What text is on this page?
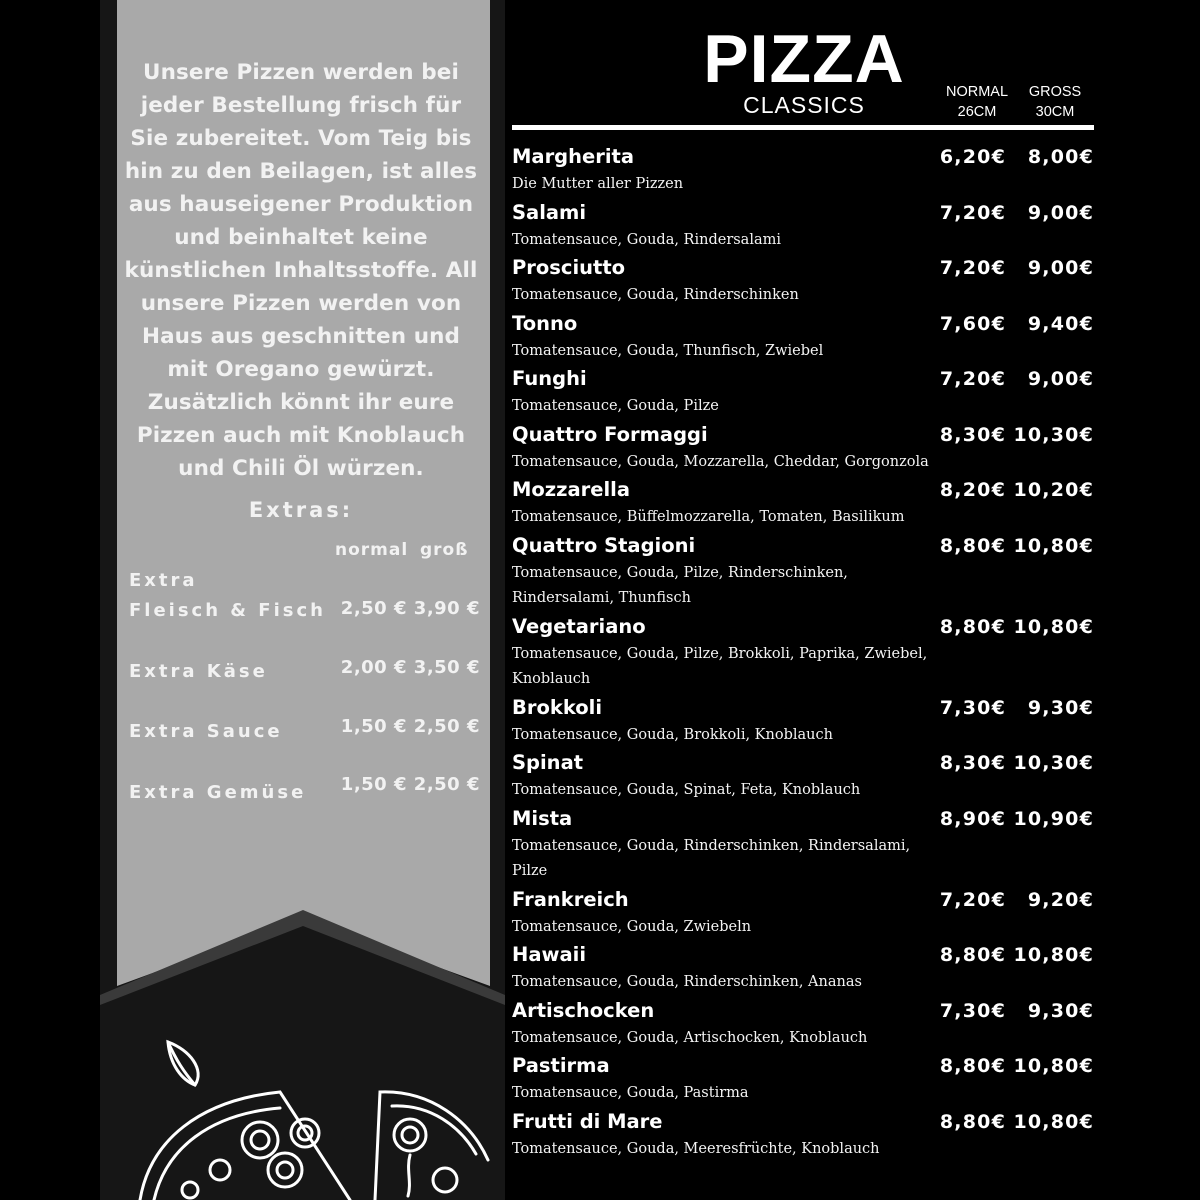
Unsere Pizzen werden bei jeder Bestellung frisch für Sie zubereitet. Vom Teig bis hin zu den Beilagen, ist alles aus hauseigener Produktion und beinhaltet keine künstlichen Inhaltsstoffe. All unsere Pizzen werden von Haus aus geschnitten und mit Oregano gewürzt. Zusätzlich könnt ihr eure Pizzen auch mit Knoblauch und Chili Öl würzen.
Extras:
normal groß
Extra
Fleisch & Fisch 2,50 € 3,90 €
Extra Käse	2,00 € 3,50 €
Extra Sauce	1,50 € 2,50 €
Extra Gemüse	1,50 € 2,50 €
PIZZA
CLASSICS	NORMAL
26CM
GROSS
30CM
Margherita
Die Mutter aller Pizzen
6,20€	8,00€
Salami
Tomatensauce, Gouda, Rindersalami
7,20€	9,00€
Prosciutto
Tomatensauce, Gouda, Rinderschinken
7,20€	9,00€
Tonno
Tomatensauce, Gouda, Thunfisch, Zwiebel
7,60€	9,40€
Funghi
Tomatensauce, Gouda, Pilze
7,20€	9,00€
Quattro Formaggi
Tomatensauce, Gouda, Mozzarella, Cheddar, Gorgonzola
8,30€ 10,30€
Mozzarella
Tomatensauce, Büffelmozzarella, Tomaten, Basilikum
8,20€ 10,20€
Quattro Stagioni
Tomatensauce, Gouda, Pilze, Rinderschinken, Rindersalami, Thunfisch
8,80€ 10,80€
Vegetariano
Tomatensauce, Gouda, Pilze, Brokkoli, Paprika, Zwiebel, Knoblauch
8,80€ 10,80€
Brokkoli
Tomatensauce, Gouda, Brokkoli, Knoblauch
7,30€	9,30€
Spinat
Tomatensauce, Gouda, Spinat, Feta, Knoblauch
8,30€ 10,30€
Mista
Tomatensauce, Gouda, Rinderschinken, Rindersalami, Pilze
8,90€ 10,90€
Frankreich
Tomatensauce, Gouda, Zwiebeln
7,20€	9,20€
Hawaii
Tomatensauce, Gouda, Rinderschinken, Ananas
8,80€ 10,80€
Artischocken
Tomatensauce, Gouda, Artischocken, Knoblauch
7,30€	9,30€
Pastirma
Tomatensauce, Gouda, Pastirma
8,80€ 10,80€
Frutti di Mare
Tomatensauce, Gouda, Meeresfrüchte, Knoblauch
8,80€ 10,80€
